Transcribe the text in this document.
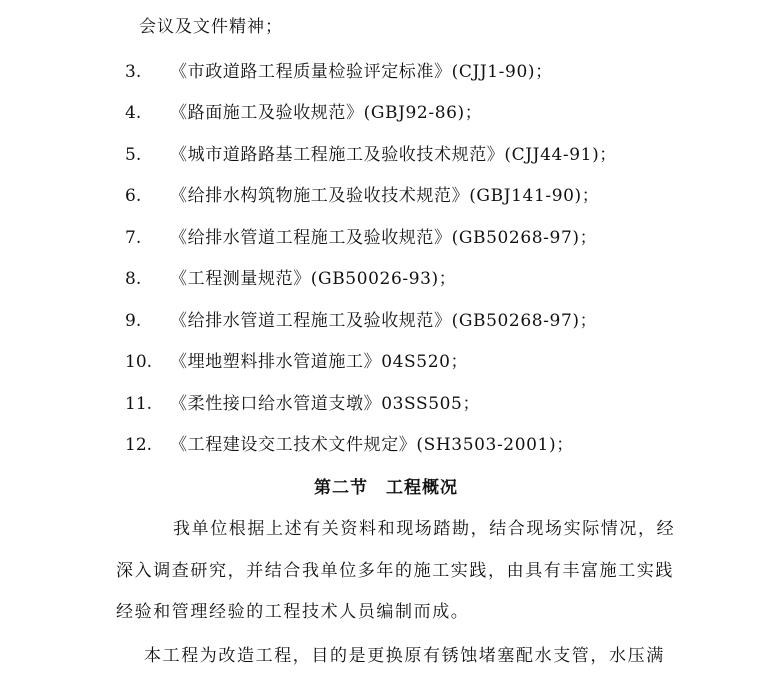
会议及文件精神；
3. 《市政道路工程质量检验评定标准》(CJJ1-90)；
4. 《路面施工及验收规范》(GBJ92-86)；
5. 《城市道路路基工程施工及验收技术规范》(CJJ44-91)；
6. 《给排水构筑物施工及验收技术规范》(GBJ141-90)；
7. 《给排水管道工程施工及验收规范》(GB50268-97)；
8. 《工程测量规范》(GB50026-93)；
9. 《给排水管道工程施工及验收规范》(GB50268-97)；
10. 《埋地塑料排水管道施工》04S520；
11. 《柔性接口给水管道支墩》03SS505；
12. 《工程建设交工技术文件规定》(SH3503-2001)；
第二节　工程概况
我单位根据上述有关资料和现场踏勘，结合现场实际情况，经
深入调查研究，并结合我单位多年的施工实践，由具有丰富施工实践
经验和管理经验的工程技术人员编制而成。
本工程为改造工程，目的是更换原有锈蚀堵塞配水支管，水压满
